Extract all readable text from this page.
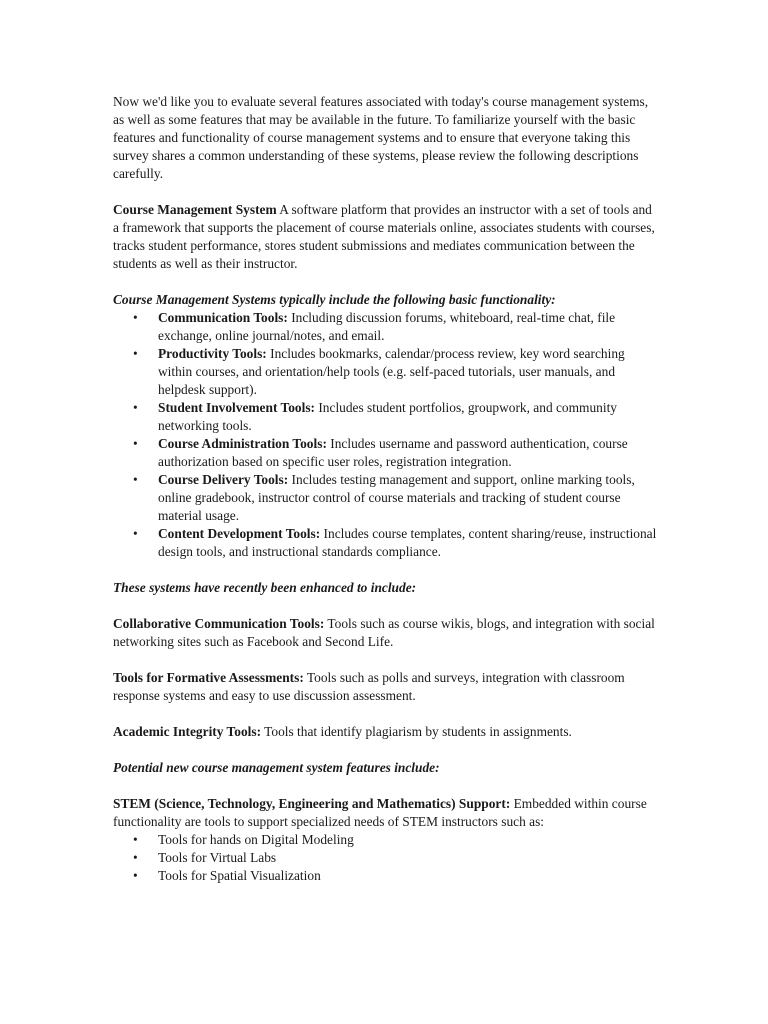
Now we'd like you to evaluate several features associated with today's course management systems, as well as some features that may be available in the future. To familiarize yourself with the basic features and functionality of course management systems and to ensure that everyone taking this survey shares a common understanding of these systems, please review the following descriptions carefully.

Course Management System A software platform that provides an instructor with a set of tools and a framework that supports the placement of course materials online, associates students with courses, tracks student performance, stores student submissions and mediates communication between the students as well as their instructor.

Course Management Systems typically include the following basic functionality:

•	Communication Tools: Including discussion forums, whiteboard, real-time chat, file exchange, online journal/notes, and email.
•	Productivity Tools: Includes bookmarks, calendar/process review, key word searching within courses, and orientation/help tools (e.g. self-paced tutorials, user manuals, and helpdesk support).
•	Student Involvement Tools: Includes student portfolios, groupwork, and community networking tools.
•	Course Administration Tools: Includes username and password authentication, course authorization based on specific user roles, registration integration.
•	Course Delivery Tools: Includes testing management and support, online marking tools, online gradebook, instructor control of course materials and tracking of student course material usage.
•	Content Development Tools: Includes course templates, content sharing/reuse, instructional design tools, and instructional standards compliance.

These systems have recently been enhanced to include:

Collaborative Communication Tools: Tools such as course wikis, blogs, and integration with social networking sites such as Facebook and Second Life.

Tools for Formative Assessments: Tools such as polls and surveys, integration with classroom response systems and easy to use discussion assessment.

Academic Integrity Tools: Tools that identify plagiarism by students in assignments.

Potential new course management system features include:

STEM (Science, Technology, Engineering and Mathematics) Support: Embedded within course functionality are tools to support specialized needs of STEM instructors such as:

•	Tools for hands on Digital Modeling
•	Tools for Virtual Labs
•	Tools for Spatial Visualization
